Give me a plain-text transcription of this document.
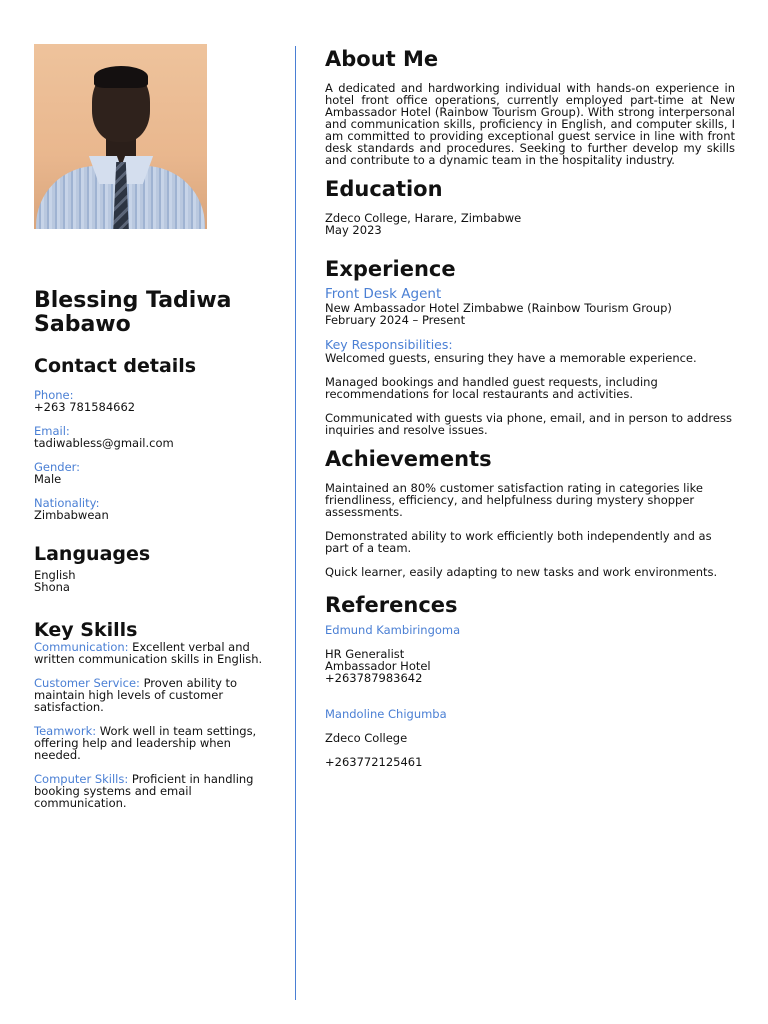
Blessing Tadiwa Sabawo
Contact details
Phone:
+263 781584662
Email:
tadiwabless@gmail.com
Gender:
Male
Nationality:
Zimbabwean
Languages
English
Shona
Key Skills
Communication: Excellent verbal and written communication skills in English.
Customer Service: Proven ability to maintain high levels of customer satisfaction.
Teamwork: Work well in team settings, offering help and leadership when needed.
Computer Skills: Proficient in handling booking systems and email communication.
About Me

A dedicated and hardworking individual with hands-on experience in hotel front office operations, currently employed part-time at New Ambassador Hotel (Rainbow Tourism Group). With strong interpersonal and communication skills, proficiency in English, and computer skills, I am committed to providing exceptional guest service in line with front desk standards and procedures. Seeking to further develop my skills and contribute to a dynamic team in the hospitality industry.

Education
Zdeco College, Harare, Zimbabwe
May 2023
Experience
Front Desk Agent
New Ambassador Hotel Zimbabwe (Rainbow Tourism Group)
February 2024 – Present
Key Responsibilities:
Welcomed guests, ensuring they have a memorable experience.
Managed bookings and handled guest requests, including recommendations for local restaurants and activities.
Communicated with guests via phone, email, and in person to address inquiries and resolve issues.
Achievements
Maintained an 80% customer satisfaction rating in categories like friendliness, efficiency, and helpfulness during mystery shopper assessments.
Demonstrated ability to work efficiently both independently and as part of a team.
Quick learner, easily adapting to new tasks and work environments.
References
Edmund Kambiringoma
HR Generalist
Ambassador Hotel
+263787983642
Mandoline Chigumba
Zdeco College
+263772125461
